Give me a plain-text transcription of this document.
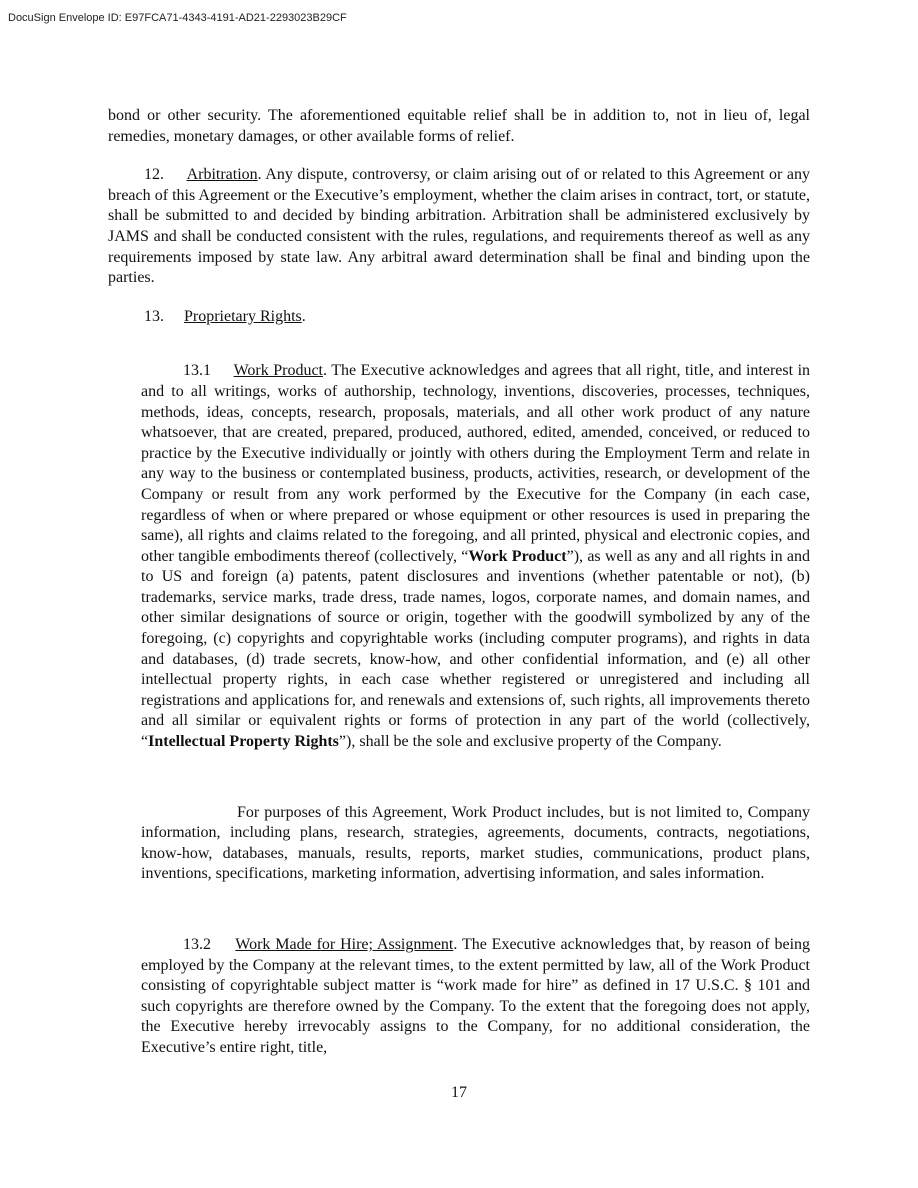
DocuSign Envelope ID: E97FCA71-4343-4191-AD21-2293023B29CF

bond or other security. The aforementioned equitable relief shall be in addition to, not in lieu of, legal remedies, monetary damages, or other available forms of relief.

12. Arbitration. Any dispute, controversy, or claim arising out of or related to this Agreement or any breach of this Agreement or the Executive’s employment, whether the claim arises in contract, tort, or statute, shall be submitted to and decided by binding arbitration. Arbitration shall be administered exclusively by JAMS and shall be conducted consistent with the rules, regulations, and requirements thereof as well as any requirements imposed by state law. Any arbitral award determination shall be final and binding upon the parties.

13. Proprietary Rights.

13.1 Work Product. The Executive acknowledges and agrees that all right, title, and interest in and to all writings, works of authorship, technology, inventions, discoveries, processes, techniques, methods, ideas, concepts, research, proposals, materials, and all other work product of any nature whatsoever, that are created, prepared, produced, authored, edited, amended, conceived, or reduced to practice by the Executive individually or jointly with others during the Employment Term and relate in any way to the business or contemplated business, products, activities, research, or development of the Company or result from any work performed by the Executive for the Company (in each case, regardless of when or where prepared or whose equipment or other resources is used in preparing the same), all rights and claims related to the foregoing, and all printed, physical and electronic copies, and other tangible embodiments thereof (collectively, “Work Product”), as well as any and all rights in and to US and foreign (a) patents, patent disclosures and inventions (whether patentable or not), (b) trademarks, service marks, trade dress, trade names, logos, corporate names, and domain names, and other similar designations of source or origin, together with the goodwill symbolized by any of the foregoing, (c) copyrights and copyrightable works (including computer programs), and rights in data and databases, (d) trade secrets, know-how, and other confidential information, and (e) all other intellectual property rights, in each case whether registered or unregistered and including all registrations and applications for, and renewals and extensions of, such rights, all improvements thereto and all similar or equivalent rights or forms of protection in any part of the world (collectively, “Intellectual Property Rights”), shall be the sole and exclusive property of the Company.

For purposes of this Agreement, Work Product includes, but is not limited to, Company information, including plans, research, strategies, agreements, documents, contracts, negotiations, know-how, databases, manuals, results, reports, market studies, communications, product plans, inventions, specifications, marketing information, advertising information, and sales information.

13.2 Work Made for Hire; Assignment. The Executive acknowledges that, by reason of being employed by the Company at the relevant times, to the extent permitted by law, all of the Work Product consisting of copyrightable subject matter is “work made for hire” as defined in 17 U.S.C. § 101 and such copyrights are therefore owned by the Company. To the extent that the foregoing does not apply, the Executive hereby irrevocably assigns to the Company, for no additional consideration, the Executive’s entire right, title,

17
